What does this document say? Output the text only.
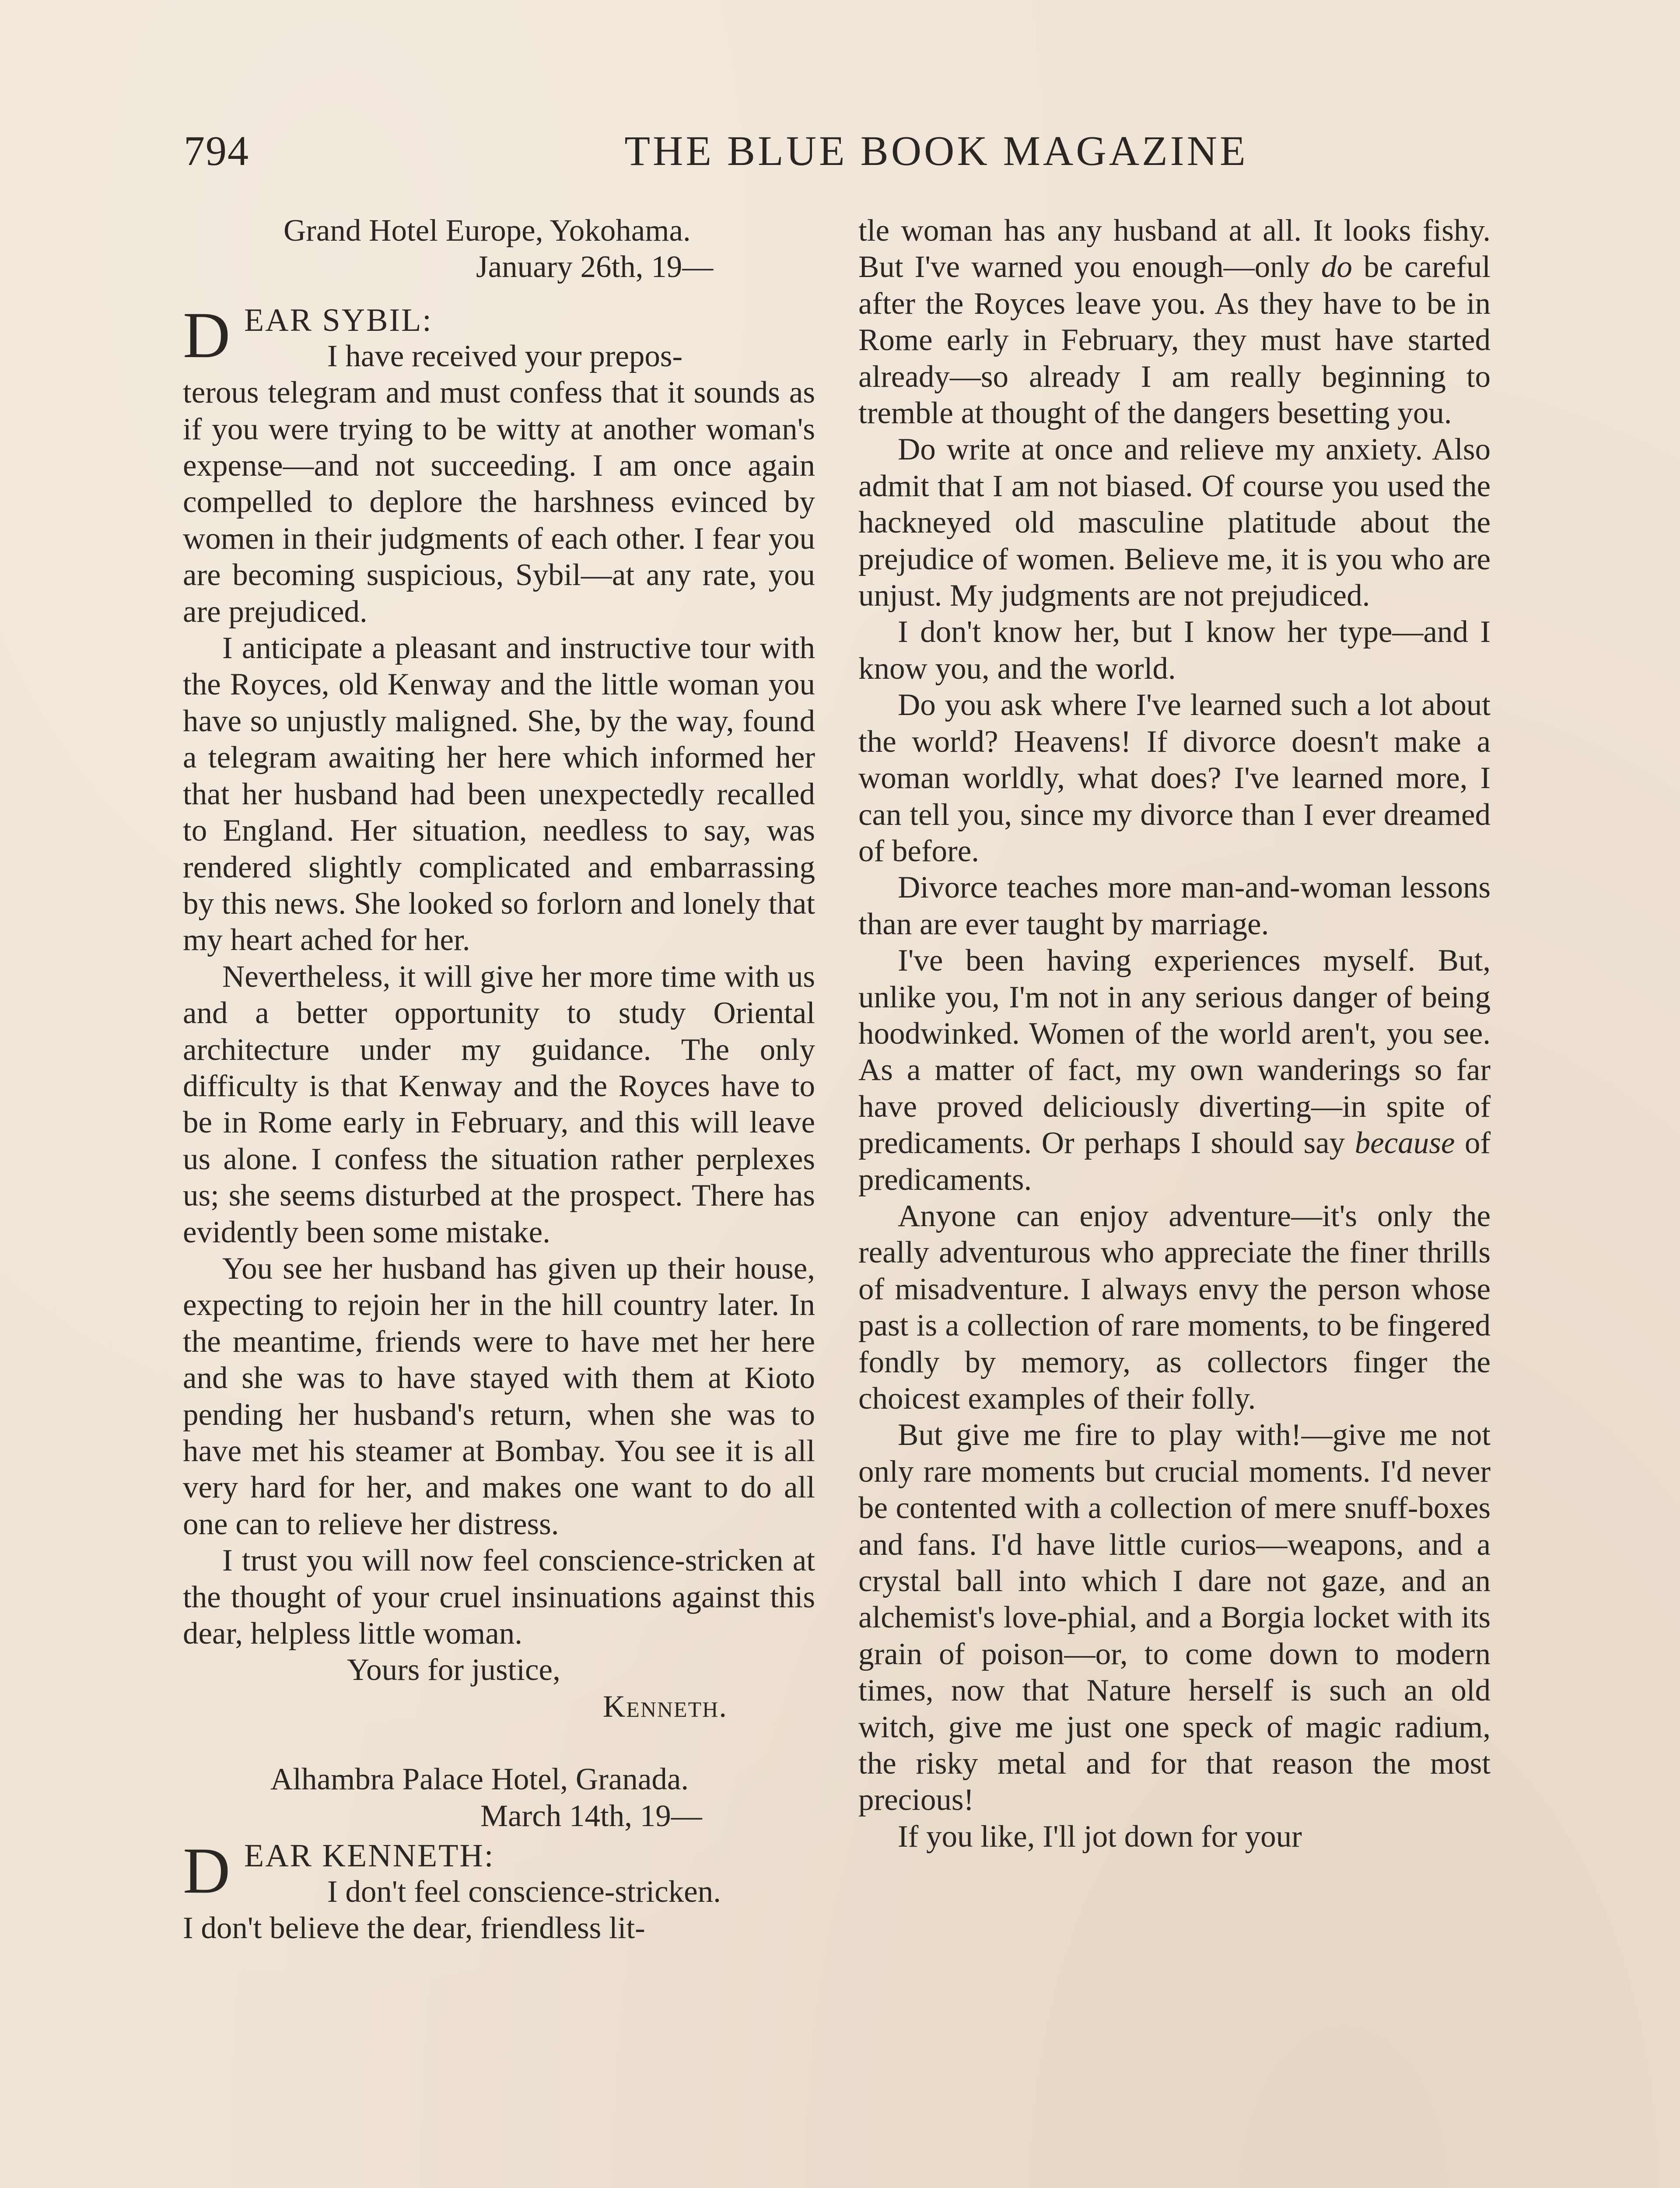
794	THE BLUE BOOK MAGAZINE
Grand Hotel Europe, Yokohama.
January 26th, 19—
D EAR SYBIL:

I have received your prepos-

terous telegram and must confess that it sounds as if you were trying to be witty at another woman's expense—and not succeeding. I am once again compelled to deplore the harshness evinced by women in their judgments of each other. I fear you are becoming suspicious, Sybil—at any rate, you are prejudiced.

I anticipate a pleasant and instructive tour with the Royces, old Kenway and the little woman you have so unjustly maligned. She, by the way, found a telegram awaiting her here which informed her that her husband had been unexpectedly recalled to England. Her situation, needless to say, was rendered slightly complicated and embarrassing by this news. She looked so forlorn and lonely that my heart ached for her.

Nevertheless, it will give her more time with us and a better opportunity to study Oriental architecture under my guidance. The only difficulty is that Kenway and the Royces have to be in Rome early in February, and this will leave us alone. I confess the situation rather perplexes us; she seems disturbed at the prospect. There has evidently been some mistake.

You see her husband has given up their house, expecting to rejoin her in the hill country later. In the meantime, friends were to have met her here and she was to have stayed with them at Kioto pending her husband's return, when she was to have met his steamer at Bombay. You see it is all very hard for her, and makes one want to do all one can to relieve her distress.

I trust you will now feel conscience-stricken at the thought of your cruel insinuations against this dear, helpless little woman.

Yours for justice,
Kenneth.
Alhambra Palace Hotel, Granada.
March 14th, 19—
D EAR KENNETH:

I don't feel conscience-stricken.

I don't believe the dear, friendless lit-

tle woman has any husband at all. It looks fishy. But I've warned you enough—only do be careful after the Royces leave you. As they have to be in Rome early in February, they must have started already—so already I am really beginning to tremble at thought of the dangers besetting you.

Do write at once and relieve my anxiety. Also admit that I am not biased. Of course you used the hackneyed old masculine platitude about the prejudice of women. Believe me, it is you who are unjust. My judgments are not prejudiced.

I don't know her, but I know her type—and I know you, and the world.

Do you ask where I've learned such a lot about the world? Heavens! If divorce doesn't make a woman worldly, what does? I've learned more, I can tell you, since my divorce than I ever dreamed of before.

Divorce teaches more man-and-woman lessons than are ever taught by marriage.

I've been having experiences myself. But, unlike you, I'm not in any serious danger of being hoodwinked. Women of the world aren't, you see. As a matter of fact, my own wanderings so far have proved deliciously diverting—in spite of predicaments. Or perhaps I should say because of predicaments.

Anyone can enjoy adventure—it's only the really adventurous who appreciate the finer thrills of misadventure. I always envy the person whose past is a collection of rare moments, to be fingered fondly by memory, as collectors finger the choicest examples of their folly.

But give me fire to play with!—give me not only rare moments but crucial moments. I'd never be contented with a collection of mere snuff-boxes and fans. I'd have little curios—weapons, and a crystal ball into which I dare not gaze, and an alchemist's love-phial, and a Borgia locket with its grain of poison—or, to come down to modern times, now that Nature herself is such an old witch, give me just one speck of magic radium, the risky metal and for that reason the most precious!

If you like, I'll jot down for your
